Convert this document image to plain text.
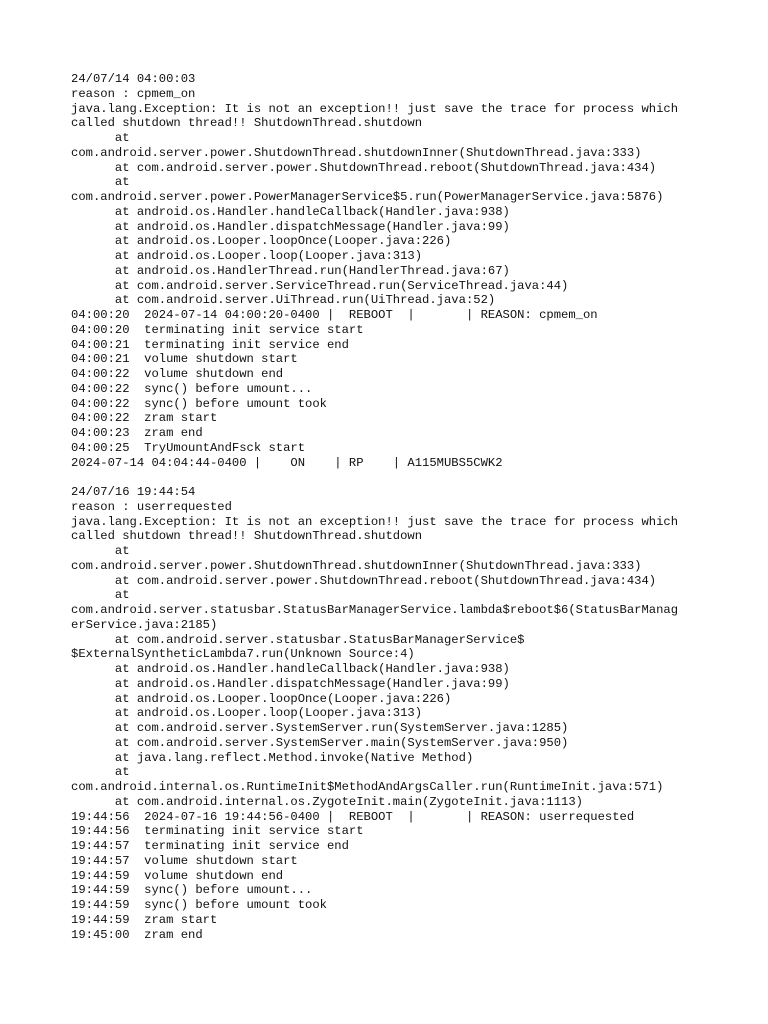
24/07/14 04:00:03
reason : cpmem_on
java.lang.Exception: It is not an exception!! just save the trace for process which
called shutdown thread!! ShutdownThread.shutdown
at
com.android.server.power.ShutdownThread.shutdownInner(ShutdownThread.java:333)
at com.android.server.power.ShutdownThread.reboot(ShutdownThread.java:434)
at
com.android.server.power.PowerManagerService$5.run(PowerManagerService.java:5876)
at android.os.Handler.handleCallback(Handler.java:938)
at android.os.Handler.dispatchMessage(Handler.java:99)
at android.os.Looper.loopOnce(Looper.java:226)
at android.os.Looper.loop(Looper.java:313)
at android.os.HandlerThread.run(HandlerThread.java:67)
at com.android.server.ServiceThread.run(ServiceThread.java:44)
at com.android.server.UiThread.run(UiThread.java:52)
04:00:20  2024-07-14 04:00:20-0400 |  REBOOT  |       | REASON: cpmem_on
04:00:20  terminating init service start
04:00:21  terminating init service end
04:00:21  volume shutdown start
04:00:22  volume shutdown end
04:00:22  sync() before umount...
04:00:22  sync() before umount took
04:00:22  zram start
04:00:23  zram end
04:00:25  TryUmountAndFsck start
2024-07-14 04:04:44-0400 |    ON    | RP    | A115MUBS5CWK2
24/07/16 19:44:54
reason : userrequested
java.lang.Exception: It is not an exception!! just save the trace for process which
called shutdown thread!! ShutdownThread.shutdown
at
com.android.server.power.ShutdownThread.shutdownInner(ShutdownThread.java:333)
at com.android.server.power.ShutdownThread.reboot(ShutdownThread.java:434)
at
com.android.server.statusbar.StatusBarManagerService.lambda$reboot$6(StatusBarManag
erService.java:2185)
at com.android.server.statusbar.StatusBarManagerService$
$ExternalSyntheticLambda7.run(Unknown Source:4)
at android.os.Handler.handleCallback(Handler.java:938)
at android.os.Handler.dispatchMessage(Handler.java:99)
at android.os.Looper.loopOnce(Looper.java:226)
at android.os.Looper.loop(Looper.java:313)
at com.android.server.SystemServer.run(SystemServer.java:1285)
at com.android.server.SystemServer.main(SystemServer.java:950)
at java.lang.reflect.Method.invoke(Native Method)
at
com.android.internal.os.RuntimeInit$MethodAndArgsCaller.run(RuntimeInit.java:571)
at com.android.internal.os.ZygoteInit.main(ZygoteInit.java:1113)
19:44:56  2024-07-16 19:44:56-0400 |  REBOOT  |       | REASON: userrequested
19:44:56  terminating init service start
19:44:57  terminating init service end
19:44:57  volume shutdown start
19:44:59  volume shutdown end
19:44:59  sync() before umount...
19:44:59  sync() before umount took
19:44:59  zram start
19:45:00  zram end
